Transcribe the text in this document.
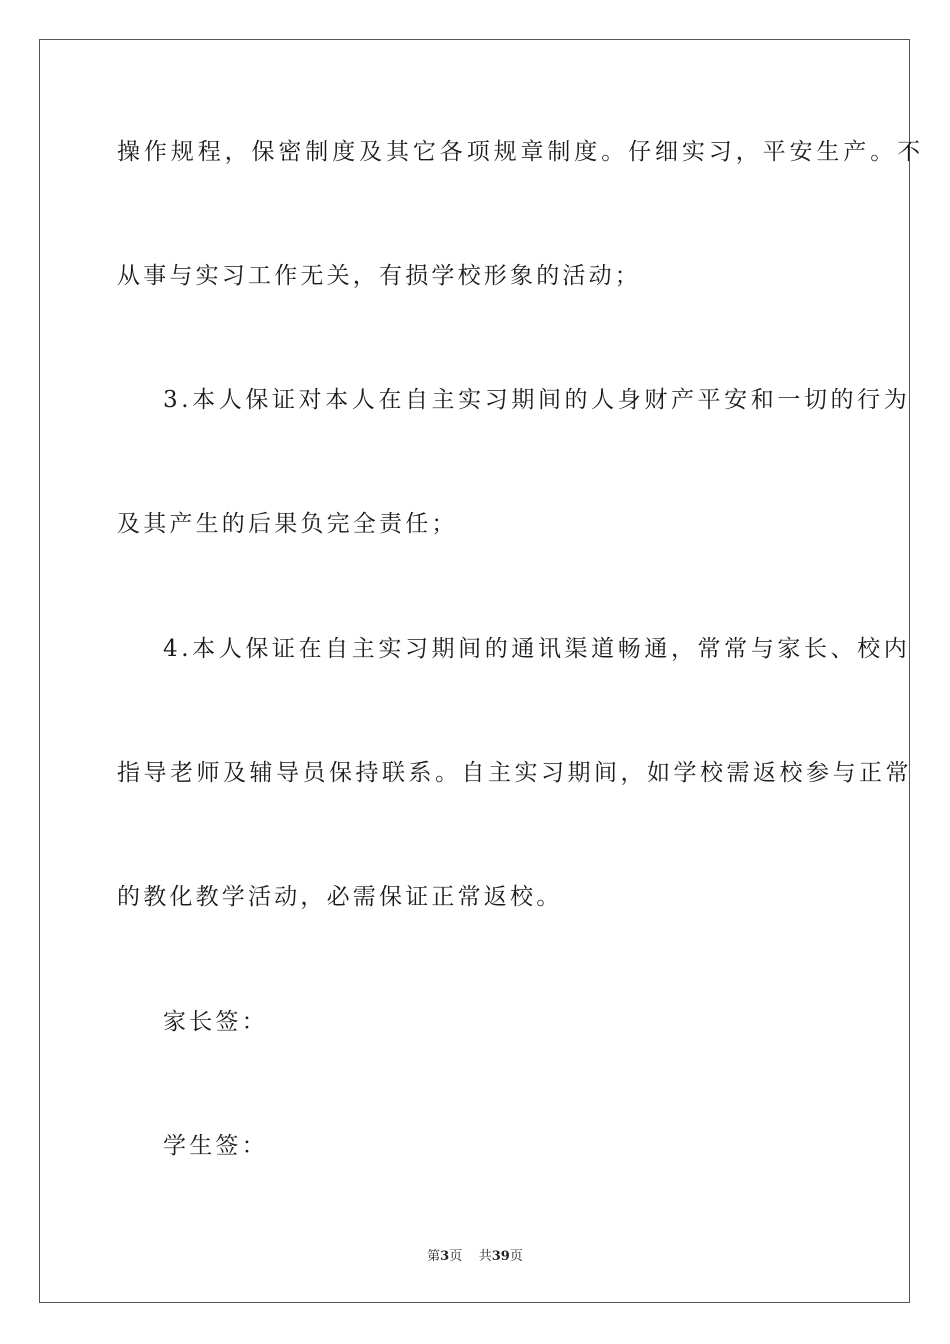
操作规程，保密制度及其它各项规章制度。仔细实习，平安生产。不

从事与实习工作无关，有损学校形象的活动；

3.本人保证对本人在自主实习期间的人身财产平安和一切的行为

及其产生的后果负完全责任；

4.本人保证在自主实习期间的通讯渠道畅通，常常与家长、校内

指导老师及辅导员保持联系。自主实习期间，如学校需返校参与正常

的教化教学活动，必需保证正常返校。

家长签：

学生签：

第3页 共39页
